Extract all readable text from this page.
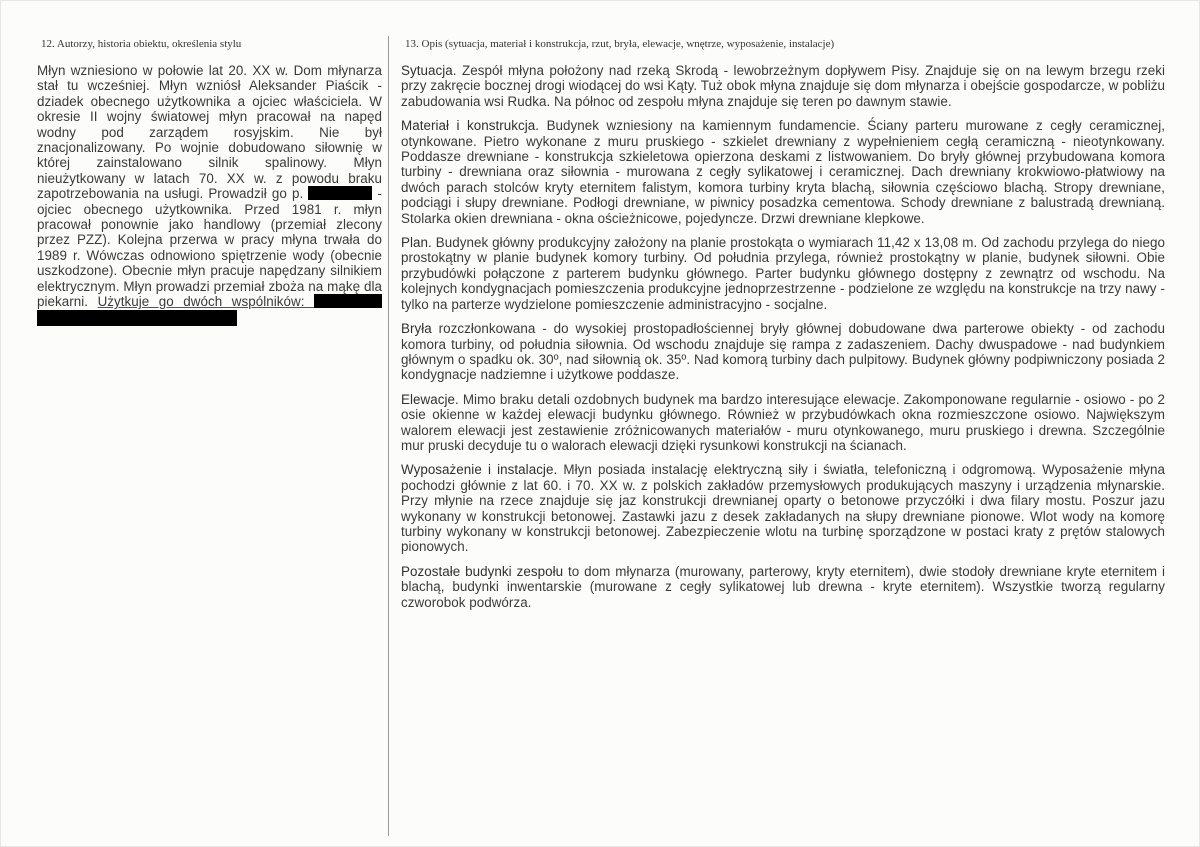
12. Autorzy, historia obiektu, określenia stylu

Młyn wzniesiono w połowie lat 20. XX w. Dom młynarza stał tu wcześniej. Młyn wzniósł Aleksander Piaścik - dziadek obecnego użytkownika a ojciec właściciela. W okresie II wojny światowej młyn pracował na napęd wodny pod zarządem rosyjskim. Nie był znacjonalizowany. Po wojnie dobudowano siłownię w której zainstalowano silnik spalinowy. Młyn nieużytkowany w latach 70. XX w. z powodu braku zapotrzebowania na usługi. Prowadził go p.	- ojciec obecnego użytkownika. Przed 1981 r. młyn pracował ponownie jako handlowy (przemiał zlecony przez PZZ). Kolejna przerwa w pracy młyna trwała do 1989 r. Wówczas odnowiono spiętrzenie wody (obecnie uszkodzone). Obecnie młyn pracuje napędzany silnikiem elektrycznym. Młyn prowadzi przemiał zboża na mąkę dla piekarni. Użytkuje go dwóch wspólników:

13. Opis (sytuacja, materiał i konstrukcja, rzut, bryła, elewacje, wnętrze, wyposażenie, instalacje)

Sytuacja. Zespół młyna położony nad rzeką Skrodą - lewobrzeżnym dopływem Pisy. Znajduje się on na lewym brzegu rzeki przy zakręcie bocznej drogi wiodącej do wsi Kąty. Tuż obok młyna znajduje się dom młynarza i obejście gospodarcze, w pobliżu zabudowania wsi Rudka. Na północ od zespołu młyna znajduje się teren po dawnym stawie.

Materiał i konstrukcja. Budynek wzniesiony na kamiennym fundamencie. Ściany parteru murowane z cegły ceramicznej, otynkowane. Pietro wykonane z muru pruskiego - szkielet drewniany z wypełnieniem cegłą ceramiczną - nieotynkowany. Poddasze drewniane - konstrukcja szkieletowa opierzona deskami z listwowaniem. Do bryły głównej przybudowana komora turbiny - drewniana oraz siłownia - murowana z cegły sylikatowej i ceramicznej. Dach drewniany krokwiowo-płatwiowy na dwóch parach stolców kryty eternitem falistym, komora turbiny kryta blachą, siłownia częściowo blachą. Stropy drewniane, podciągi i słupy drewniane. Podłogi drewniane, w piwnicy posadzka cementowa. Schody drewniane z balustradą drewnianą. Stolarka okien drewniana - okna ościeżnicowe, pojedyncze. Drzwi drewniane klepkowe.

Plan. Budynek główny produkcyjny założony na planie prostokąta o wymiarach 11,42 x 13,08 m. Od zachodu przylega do niego prostokątny w planie budynek komory turbiny. Od południa przylega, również prostokątny w planie, budynek siłowni. Obie przybudówki połączone z parterem budynku głównego. Parter budynku głównego dostępny z zewnątrz od wschodu. Na kolejnych kondygnacjach pomieszczenia produkcyjne jednoprzestrzenne - podzielone ze względu na konstrukcje na trzy nawy - tylko na parterze wydzielone pomieszczenie administracyjno - socjalne.

Bryła rozczłonkowana - do wysokiej prostopadłościennej bryły głównej dobudowane dwa parterowe obiekty - od zachodu komora turbiny, od południa siłownia. Od wschodu znajduje się rampa z zadaszeniem. Dachy dwuspadowe - nad budynkiem głównym o spadku ok. 30º, nad siłownią ok. 35º. Nad komorą turbiny dach pulpitowy. Budynek główny podpiwniczony posiada 2 kondygnacje nadziemne i użytkowe poddasze.

Elewacje. Mimo braku detali ozdobnych budynek ma bardzo interesujące elewacje. Zakomponowane regularnie - osiowo - po 2 osie okienne w każdej elewacji budynku głównego. Również w przybudówkach okna rozmieszczone osiowo. Największym walorem elewacji jest zestawienie zróżnicowanych materiałów - muru otynkowanego, muru pruskiego i drewna. Szczególnie mur pruski decyduje tu o walorach elewacji dzięki rysunkowi konstrukcji na ścianach.

Wyposażenie i instalacje. Młyn posiada instalację elektryczną siły i światła, telefoniczną i odgromową. Wyposażenie młyna pochodzi głównie z lat 60. i 70. XX w. z polskich zakładów przemysłowych produkujących maszyny i urządzenia młynarskie. Przy młynie na rzece znajduje się jaz konstrukcji drewnianej oparty o betonowe przyczółki i dwa filary mostu. Poszur jazu wykonany w konstrukcji betonowej. Zastawki jazu z desek zakładanych na słupy drewniane pionowe. Wlot wody na komorę turbiny wykonany w konstrukcji betonowej. Zabezpieczenie wlotu na turbinę sporządzone w postaci kraty z prętów stalowych pionowych.

Pozostałe budynki zespołu to dom młynarza (murowany, parterowy, kryty eternitem), dwie stodoły drewniane kryte eternitem i blachą, budynki inwentarskie (murowane z cegły sylikatowej lub drewna - kryte eternitem). Wszystkie tworzą regularny czworobok podwórza.
